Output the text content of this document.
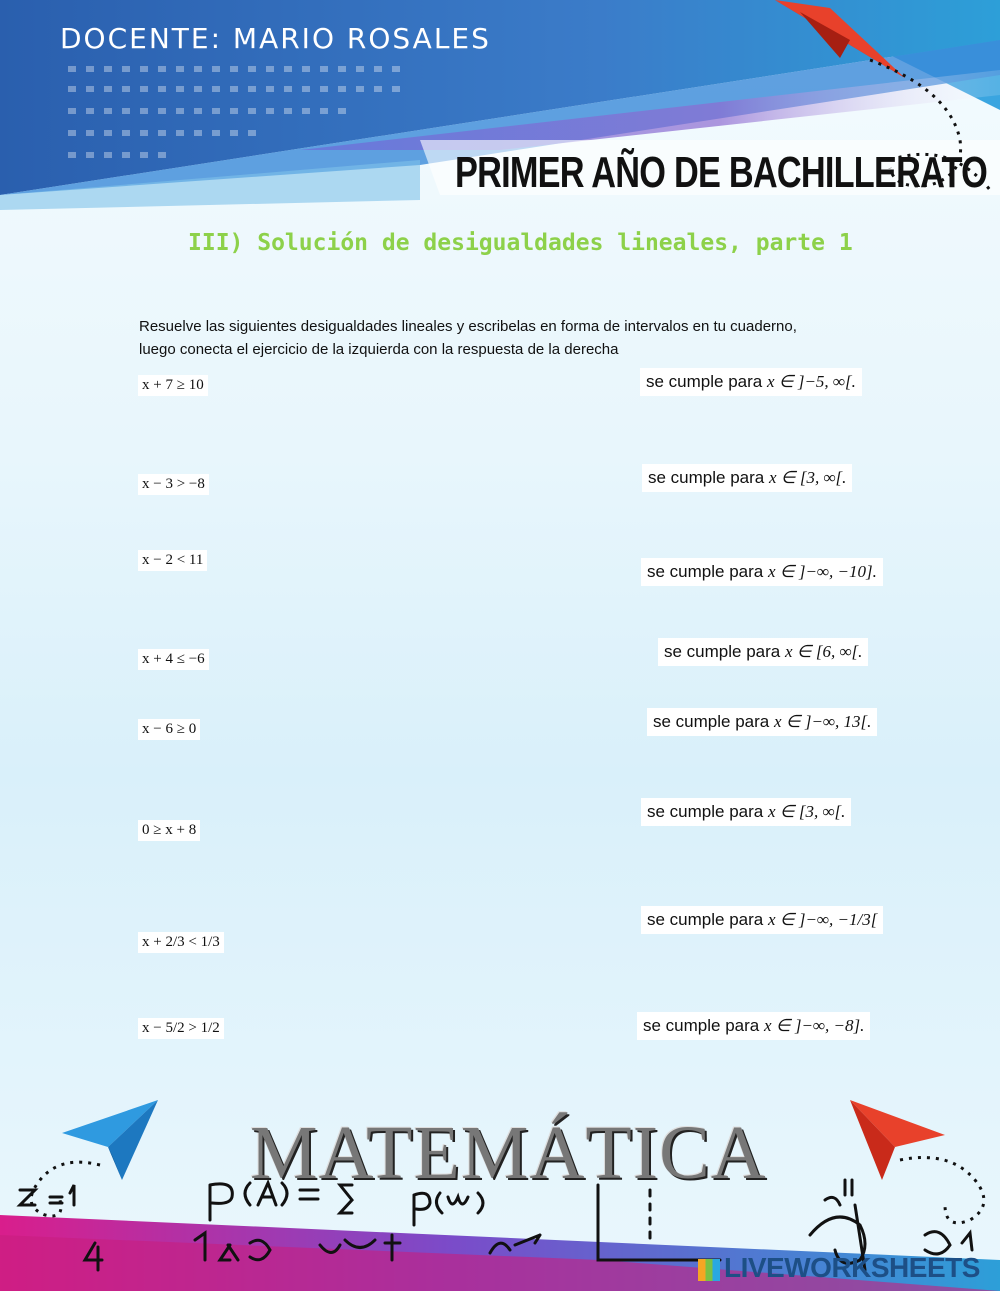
DOCENTE: MARIO ROSALES
PRIMER AÑO DE BACHILLERATO
III) Solución de desigualdades lineales, parte 1
Resuelve las siguientes desigualdades lineales y escribelas en forma de intervalos en tu cuaderno,
luego conecta el ejercicio de la izquierda con la respuesta de la derecha
x + 7 ≥ 10
x − 3 > −8
x − 2 < 11
x + 4 ≤ −6
x − 6 ≥ 0
0 ≥ x + 8
x + 2/3 < 1/3
x − 5/2 > 1/2
se cumple para x ∈ ]−5, ∞[.
se cumple para x ∈ [3, ∞[.
se cumple para x ∈ ]−∞, −10].
se cumple para x ∈ [6, ∞[.
se cumple para x ∈ ]−∞, 13[.
se cumple para x ∈ [3, ∞[.
se cumple para x ∈ ]−∞, −1/3[
se cumple para x ∈ ]−∞, −8].
MATEMÁTICA
LIVEWORKSHEETS
